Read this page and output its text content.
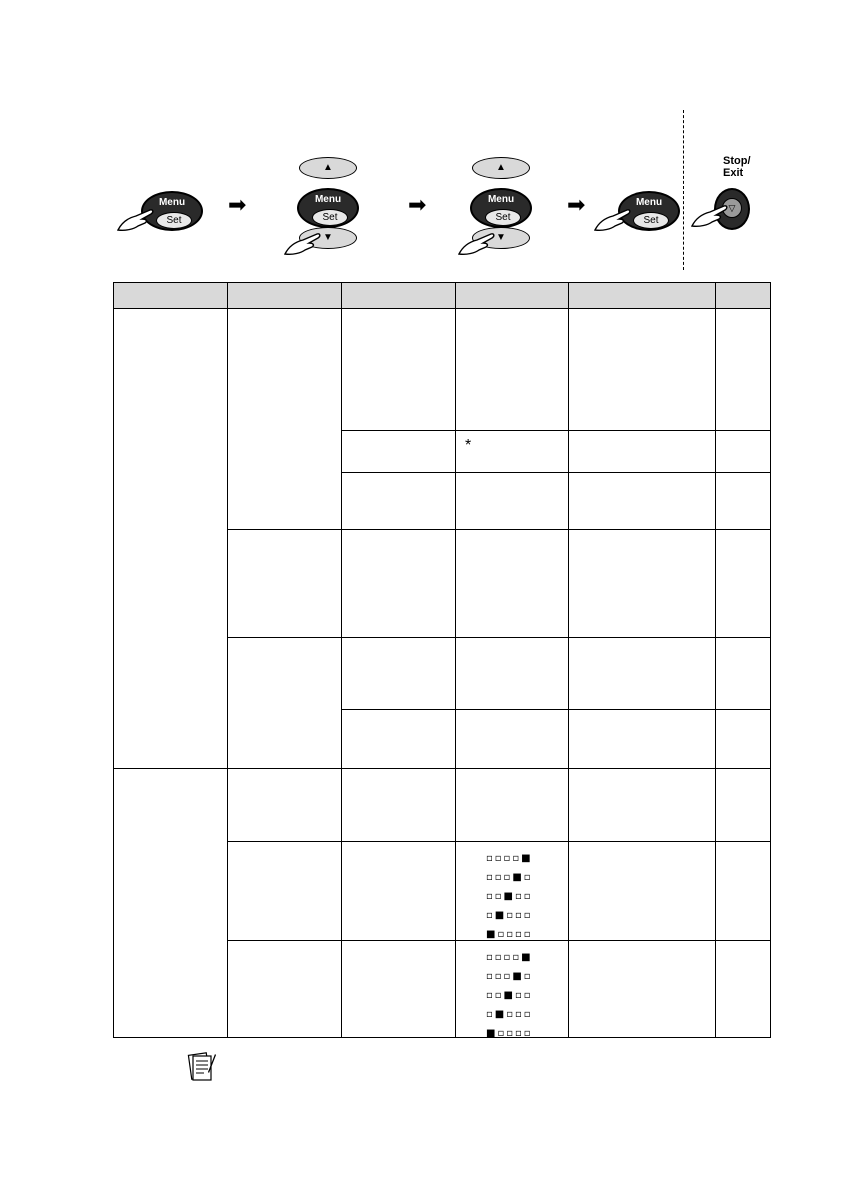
Menu
Set
➡
▲
Menu
Set
▼
➡
▲
Menu
Set
▼
➡	Menu
Set
Stop/
Exit
▽
*
▫▫▫▫■
▫▫▫■▫
▫▫■▫▫
▫■▫▫▫
■▫▫▫▫
▫▫▫▫■
▫▫▫■▫
▫▫■▫▫
▫■▫▫▫
■▫▫▫▫
